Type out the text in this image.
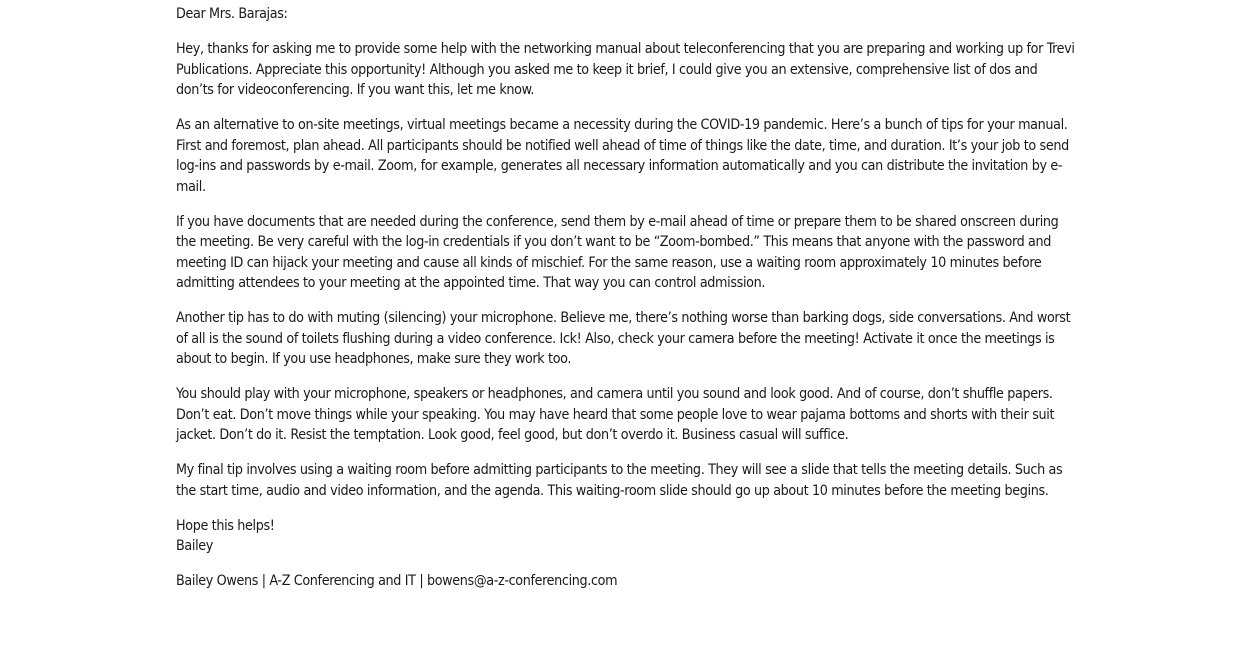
Dear Mrs. Barajas:

Hey, thanks for asking me to provide some help with the networking manual about teleconferencing that you are preparing and working up for Trevi Publications. Appreciate this opportunity! Although you asked me to keep it brief, I could give you an extensive, comprehensive list of dos and don’ts for videoconferencing. If you want this, let me know.

As an alternative to on-site meetings, virtual meetings became a necessity during the COVID-19 pandemic. Here’s a bunch of tips for your manual. First and foremost, plan ahead. All participants should be notified well ahead of time of things like the date, time, and duration. It’s your job to send log-ins and passwords by e-mail. Zoom, for example, generates all necessary information automatically and you can distribute the invitation by e-mail.

If you have documents that are needed during the conference, send them by e-mail ahead of time or prepare them to be shared onscreen during the meeting. Be very careful with the log-in credentials if you don’t want to be “Zoom-bombed.” This means that anyone with the password and meeting ID can hijack your meeting and cause all kinds of mischief. For the same reason, use a waiting room approximately 10 minutes before admitting attendees to your meeting at the appointed time. That way you can control admission.

Another tip has to do with muting (silencing) your microphone. Believe me, there’s nothing worse than barking dogs, side conversations. And worst of all is the sound of toilets flushing during a video conference. Ick! Also, check your camera before the meeting! Activate it once the meetings is about to begin. If you use headphones, make sure they work too.

You should play with your microphone, speakers or headphones, and camera until you sound and look good. And of course, don’t shuffle papers. Don’t eat. Don’t move things while your speaking. You may have heard that some people love to wear pajama bottoms and shorts with their suit jacket. Don’t do it. Resist the temptation. Look good, feel good, but don’t overdo it. Business casual will suffice.

My final tip involves using a waiting room before admitting participants to the meeting. They will see a slide that tells the meeting details. Such as the start time, audio and video information, and the agenda. This waiting-room slide should go up about 10 minutes before the meeting begins.

Hope this helps!
Bailey

Bailey Owens | A-Z Conferencing and IT | bowens@a-z-conferencing.com
